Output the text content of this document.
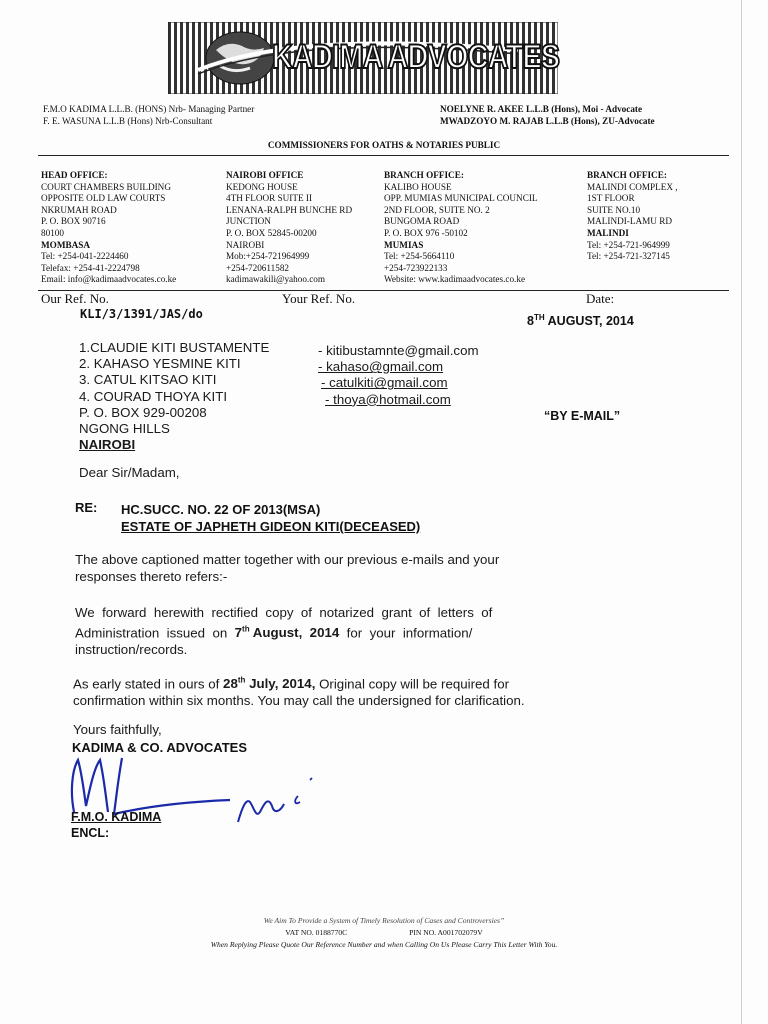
KADIMA ADVOCATES
F.M.O KADIMA L.L.B. (HONS) Nrb- Managing Partner
F. E. WASUNA L.L.B (Hons) Nrb-Consultant
NOELYNE R. AKEE L.L.B (Hons), Moi - Advocate
MWADZOYO M. RAJAB L.L.B (Hons), ZU-Advocate
COMMISSIONERS FOR OATHS & NOTARIES PUBLIC
HEAD OFFICE:
COURT CHAMBERS BUILDING
OPPOSITE OLD LAW COURTS
NKRUMAH ROAD
P. O. BOX 90716
80100
MOMBASA
Tel: +254-041-2224460
Telefax: +254-41-2224798
Email: info@kadimaadvocates.co.ke
NAIROBI OFFICE
KEDONG HOUSE
4TH FLOOR SUITE II
LENANA-RALPH BUNCHE RD
JUNCTION
P. O. BOX 52845-00200
NAIROBI
Mob:+254-721964999
+254-720611582
kadimawakili@yahoo.com
BRANCH OFFICE:
KALIBO HOUSE
OPP. MUMIAS MUNICIPAL COUNCIL
2ND FLOOR, SUITE NO. 2
BUNGOMA ROAD
P. O. BOX 976 -50102
MUMIAS
Tel: +254-5664110
+254-723922133
Website: www.kadimaadvocates.co.ke
BRANCH OFFICE:
MALINDI COMPLEX ,
1ST FLOOR
SUITE NO.10
MALINDI-LAMU RD
MALINDI
Tel: +254-721-964999
Tel: +254-721-327145
Our Ref. No.	Your Ref. No.	Date:
KLI/3/1391/JAS/do
8TH AUGUST, 2014
1.CLAUDIE KITI BUSTAMENTE
2. KAHASO YESMINE KITI
3. CATUL KITSAO KITI
4. COURAD THOYA KITI
P. O. BOX 929-00208
NGONG HILLS
NAIROBI
- kitibustamnte@gmail.com
- kahaso@gmail.com
- catulkiti@gmail.com
- thoya@hotmail.com
“BY E-MAIL”
Dear Sir/Madam,
RE: HC.SUCC. NO. 22 OF 2013(MSA)
ESTATE OF JAPHETH GIDEON KITI(DECEASED)
The above captioned matter together with our previous e-mails and your
responses thereto refers:-
We  forward  herewith  rectified  copy  of  notarized  grant  of  letters  of
Administration  issued  on  7th August,  2014  for  your  information/
instruction/records.
As early stated in ours of 28th July, 2014, Original copy will be required for
confirmation within six months. You may call the undersigned for clarification.
Yours faithfully,
KADIMA & CO. ADVOCATES
F.M.O. KADIMA
ENCL:
We Aim To Provide a System of Timely Resolution of Cases and Controversies”
VAT NO. 0188770C	PIN NO. A001702079V
When Replying Please Quote Our Reference Number and when Calling On Us Please Carry This Letter With You.
